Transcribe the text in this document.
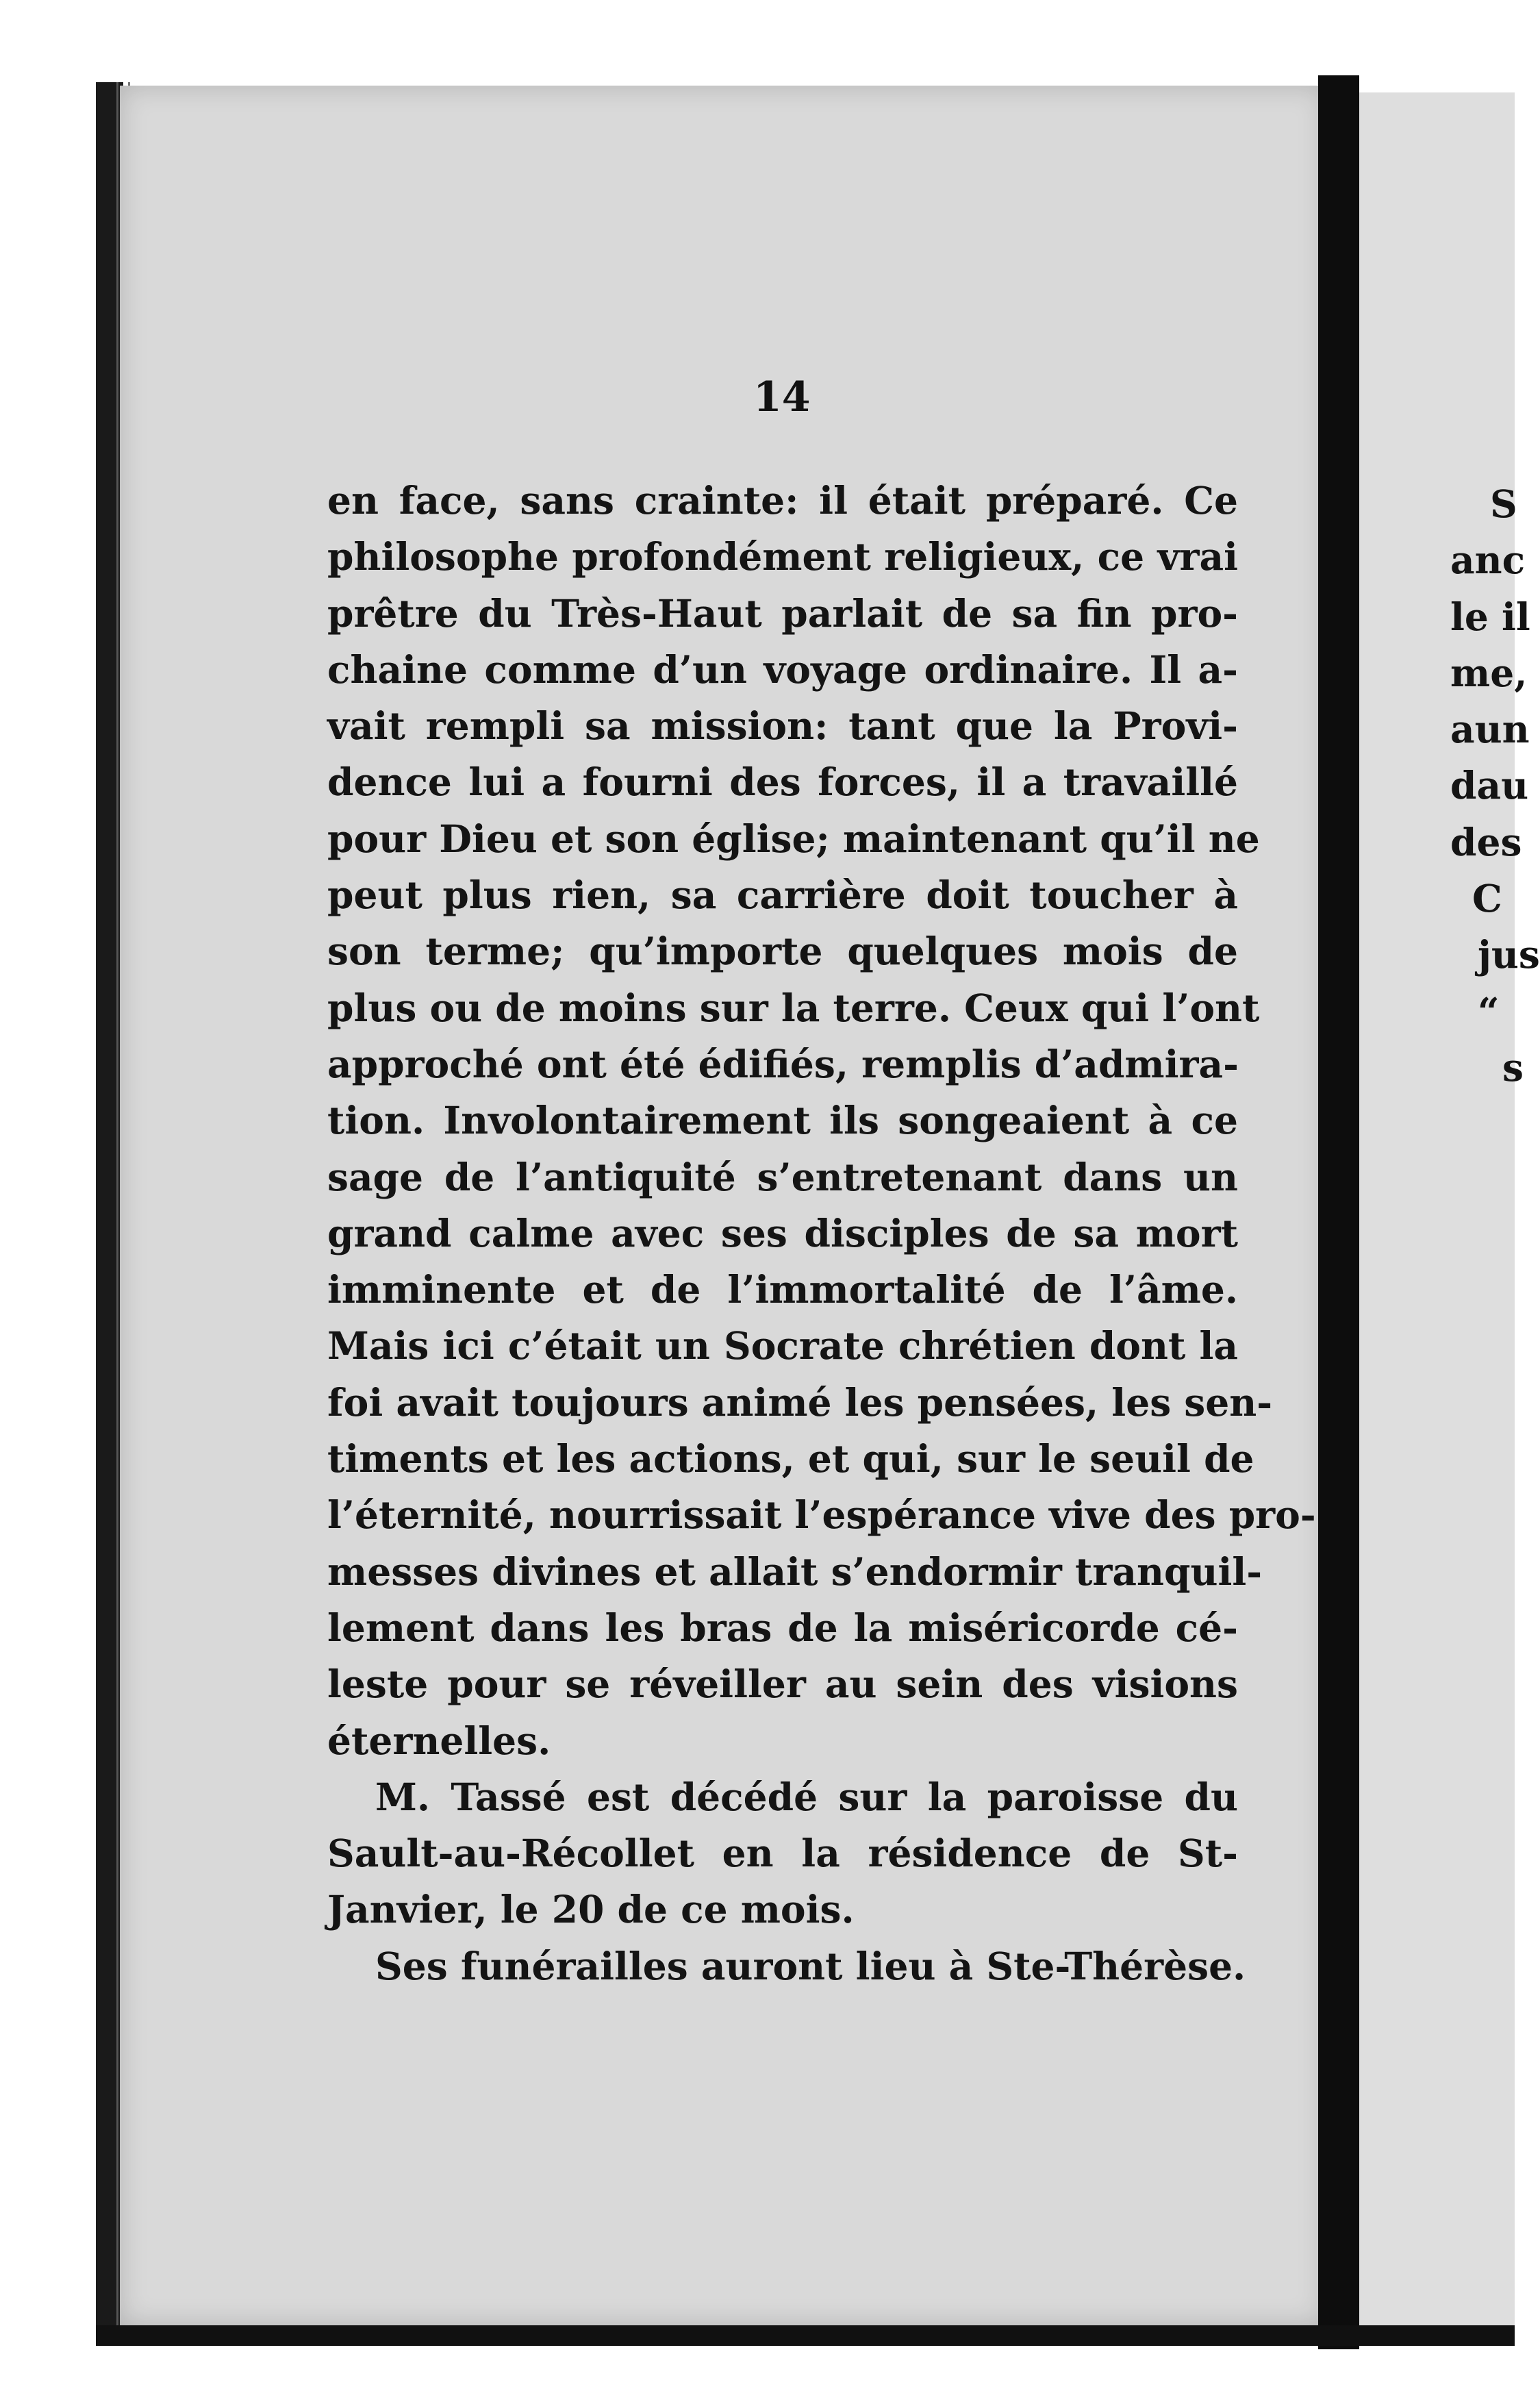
14
en face, sans crainte: il était préparé. Ce
philosophe profondément religieux, ce vrai
prêtre du Très-Haut parlait de sa fin pro-
chaine comme d’un voyage ordinaire. Il a-
vait rempli sa mission: tant que la Provi-
dence lui a fourni des forces, il a travaillé
pour Dieu et son église; maintenant qu’il ne
peut plus rien, sa carrière doit toucher à
son terme; qu’importe quelques mois de
plus ou de moins sur la terre. Ceux qui l’ont
approché ont été édifiés, remplis d’admira-
tion. Involontairement ils songeaient à ce
sage de l’antiquité s’entretenant dans un
grand calme avec ses disciples de sa mort
imminente et de l’immortalité de l’âme.
Mais ici c’était un Socrate chrétien dont la
foi avait toujours animé les pensées, les sen-
timents et les actions, et qui, sur le seuil de
l’éternité, nourrissait l’espérance vive des pro-
messes divines et allait s’endormir tranquil-
lement dans les bras de la miséricorde cé-
leste pour se réveiller au sein des visions
éternelles.
M. Tassé est décédé sur la paroisse du
Sault-au-Récollet en la résidence de St-
Janvier, le 20 de ce mois.
Ses funérailles auront lieu à Ste-Thérèse.
S
anc
le il
me,
aun
dau
des
C
jus
“
s
